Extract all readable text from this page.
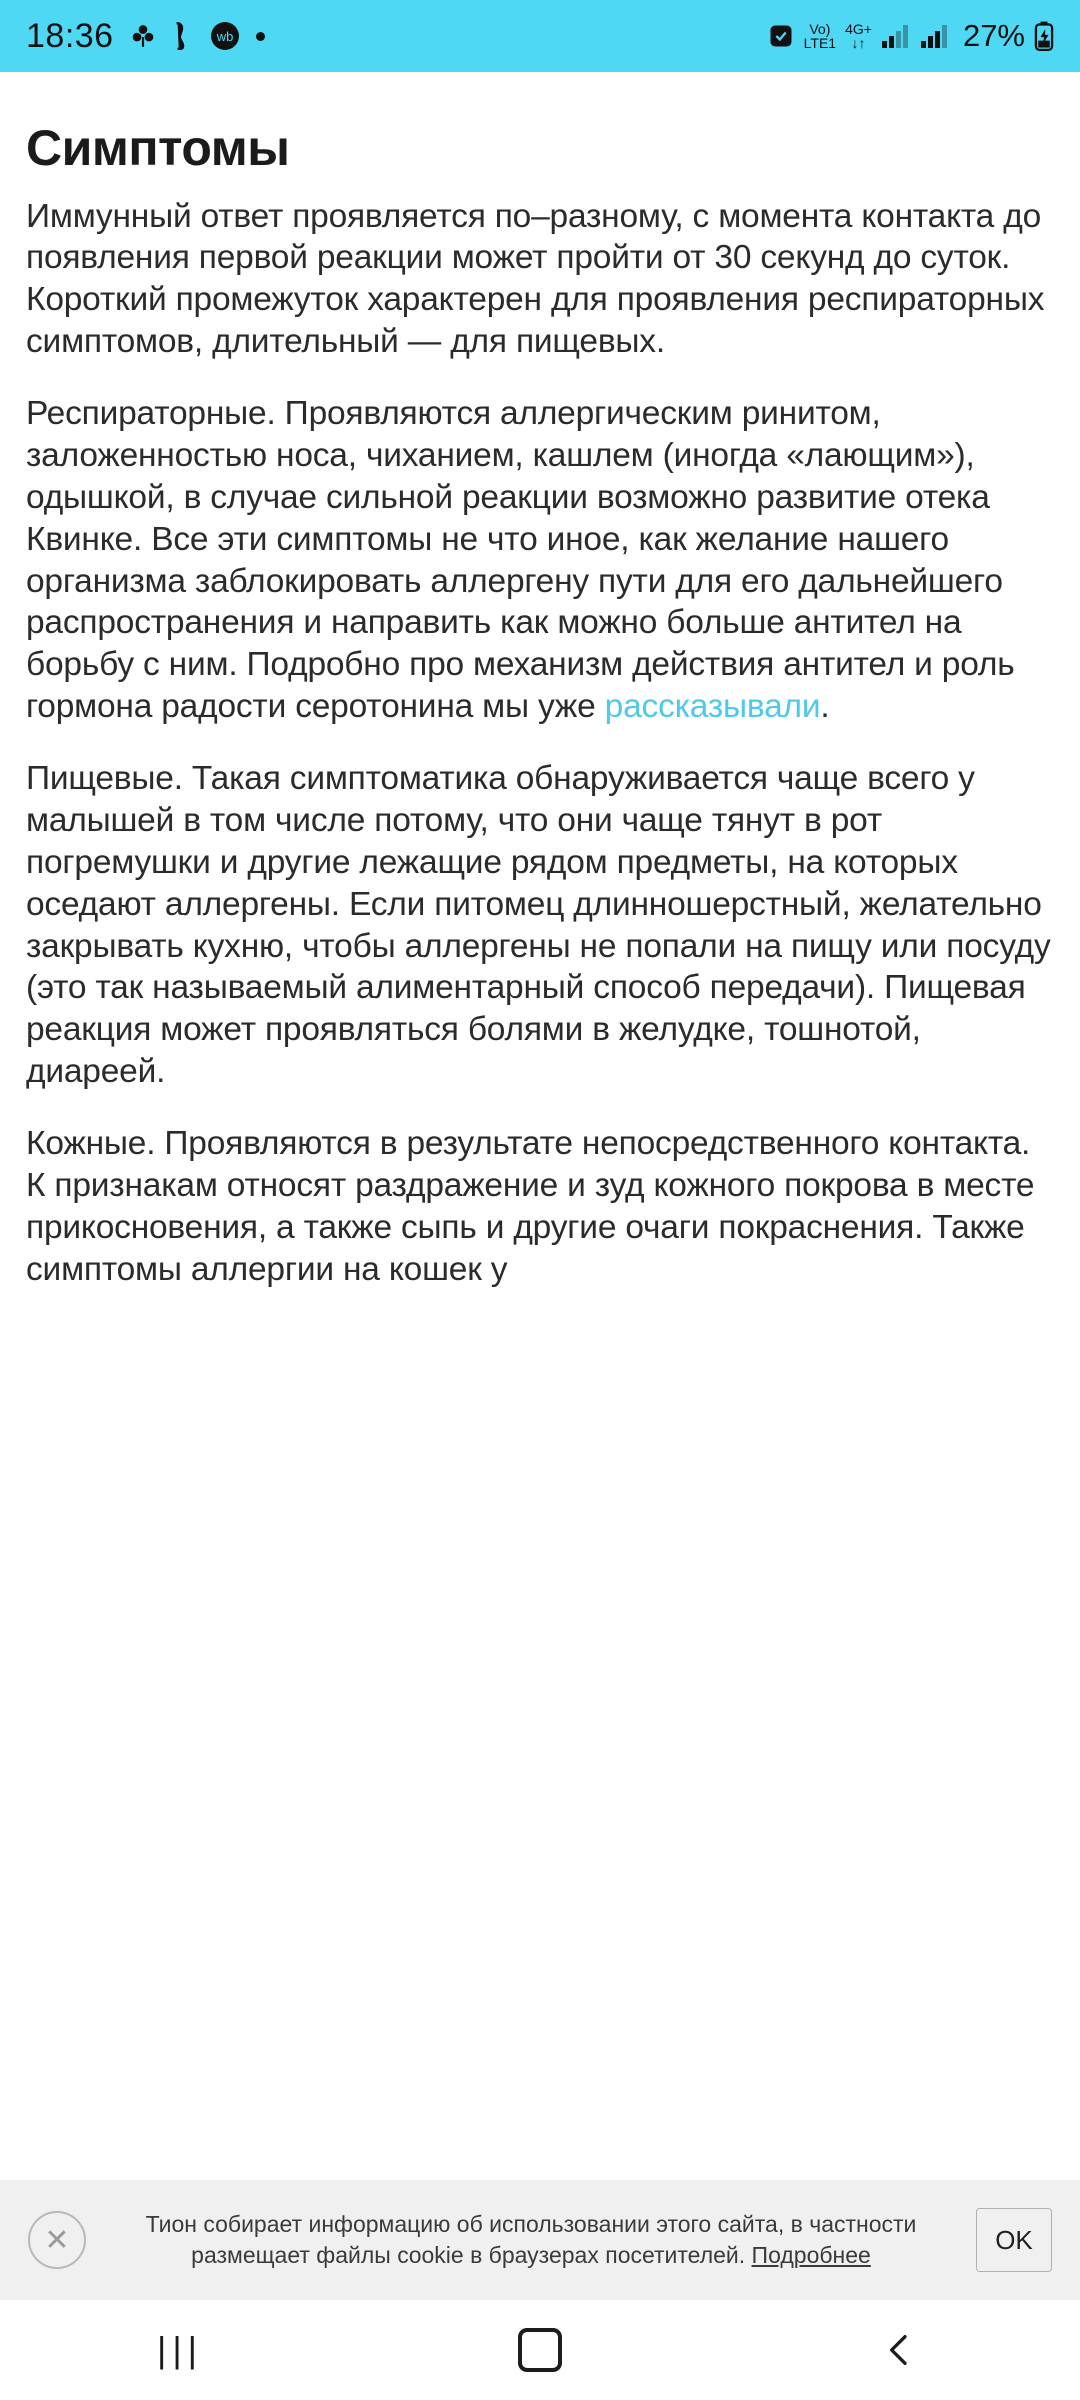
18:36	wb	Vo)
LTE1
4G+
↓↑	27%
Симптомы

Иммунный ответ проявляется по–разному, с момента контакта до появления первой реакции может пройти от 30 секунд до суток. Короткий промежуток характерен для проявления респираторных симптомов, длительный — для пищевых.

Респираторные. Проявляются аллергическим ринитом, заложенностью носа, чиханием, кашлем (иногда «лающим»), одышкой, в случае сильной реакции возможно развитие отека Квинке. Все эти симптомы не что иное, как желание нашего организма заблокировать аллергену пути для его дальнейшего распространения и направить как можно больше антител на борьбу с ним. Подробно про механизм действия антител и роль гормона радости серотонина мы уже рассказывали.

Пищевые. Такая симптоматика обнаруживается чаще всего у малышей в том числе потому, что они чаще тянут в рот погремушки и другие лежащие рядом предметы, на которых оседают аллергены. Если питомец длинношерстный, желательно закрывать кухню, чтобы аллергены не попали на пищу или посуду (это так называемый алиментарный способ передачи). Пищевая реакция может проявляться болями в желудке, тошнотой, диареей.

Кожные. Проявляются в результате непосредственного контакта. К признакам относят раздражение и зуд кожного покрова в месте прикосновения, а также сыпь и другие очаги покраснения. Также симптомы аллергии на кошек у

✕	Тион собирает информацию об использовании этого сайта, в частности размещает файлы cookie в браузерах посетителей. Подробнее
OK
|||
